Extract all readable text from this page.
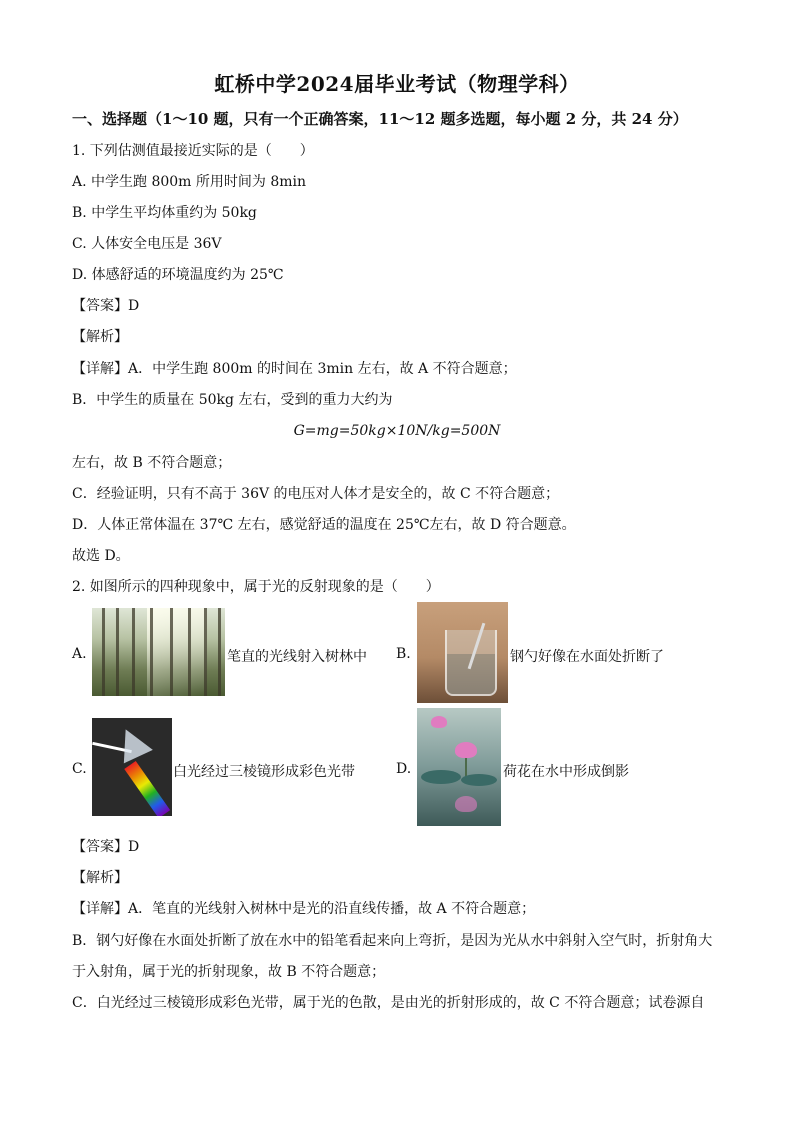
虹桥中学2024届毕业考试（物理学科）
一、选择题（1～10 题，只有一个正确答案，11～12 题多选题，每小题 2 分，共 24 分）
1. 下列估测值最接近实际的是（　　）
A. 中学生跑 800m 所用时间为 8min
B. 中学生平均体重约为 50kg
C. 人体安全电压是 36V
D. 体感舒适的环境温度约为 25℃
【答案】D
【解析】
【详解】A．中学生跑 800m 的时间在 3min 左右，故 A 不符合题意；
B．中学生的质量在 50kg 左右，受到的重力大约为
G=mg=50kg×10N/kg=500N
左右，故 B 不符合题意；
C．经验证明，只有不高于 36V 的电压对人体才是安全的，故 C 不符合题意；
D．人体正常体温在 37℃ 左右，感觉舒适的温度在 25℃左右，故 D 符合题意。
故选 D。
2. 如图所示的四种现象中，属于光的反射现象的是（　　）
A.	笔直的光线射入树林中 B.	钢勺好像在水面处折断了
C.	白光经过三棱镜形成彩色光带	D.	荷花在水中形成倒影
【答案】D
【解析】
【详解】A．笔直的光线射入树林中是光的沿直线传播，故 A 不符合题意；
B．钢勺好像在水面处折断了放在水中的铅笔看起来向上弯折，是因为光从水中斜射入空气时，折射角大
于入射角，属于光的折射现象，故 B 不符合题意；
C．白光经过三棱镜形成彩色光带，属于光的色散，是由光的折射形成的，故 C 不符合题意；试卷源自
